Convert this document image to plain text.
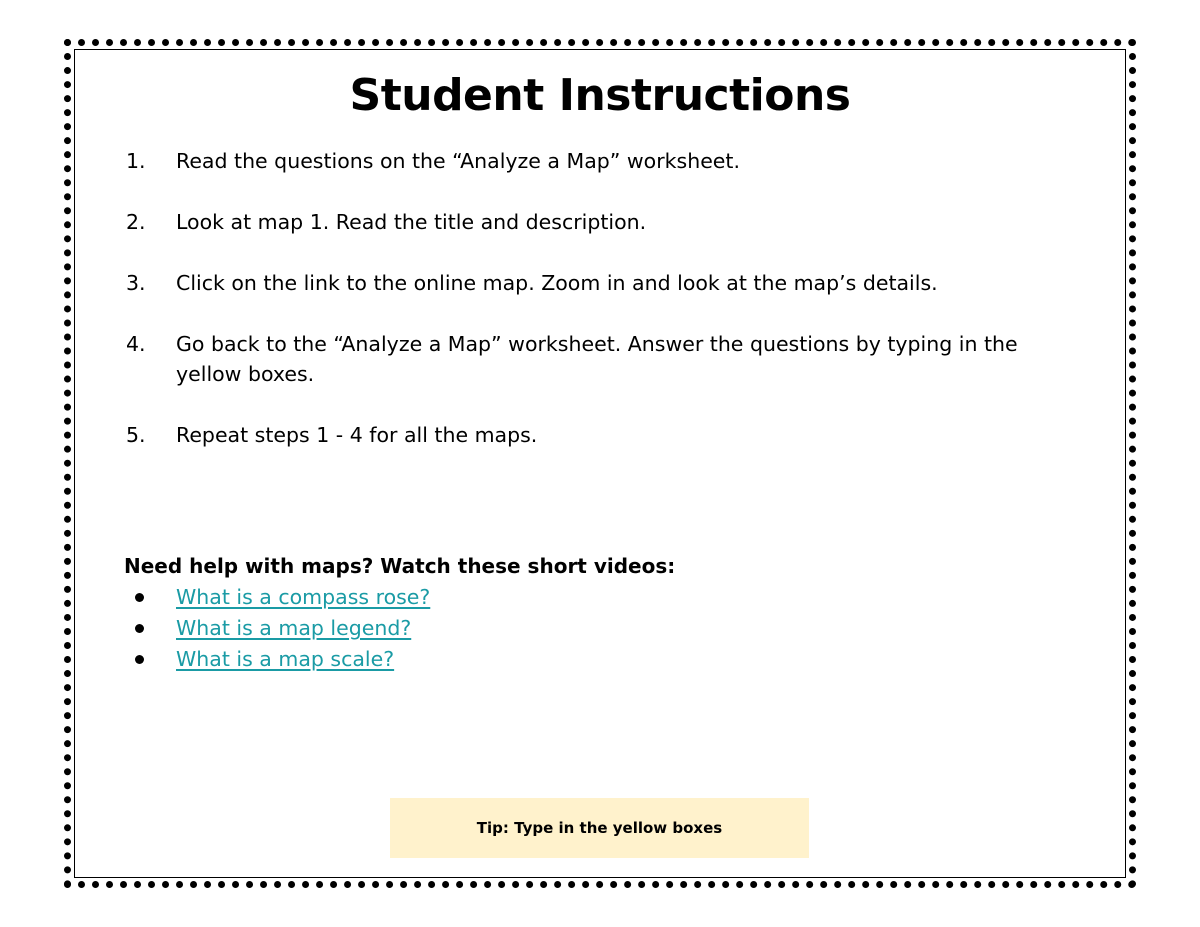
Student Instructions
1. Read the questions on the “Analyze a Map” worksheet.
2. Look at map 1. Read the title and description.
3. Click on the link to the online map. Zoom in and look at the map’s details.
4. Go back to the “Analyze a Map” worksheet. Answer the questions by typing in the yellow boxes.
5. Repeat steps 1 - 4 for all the maps.

Need help with maps? Watch these short videos:

What is a compass rose?
What is a map legend?
What is a map scale?
Tip: Type in the yellow boxes
